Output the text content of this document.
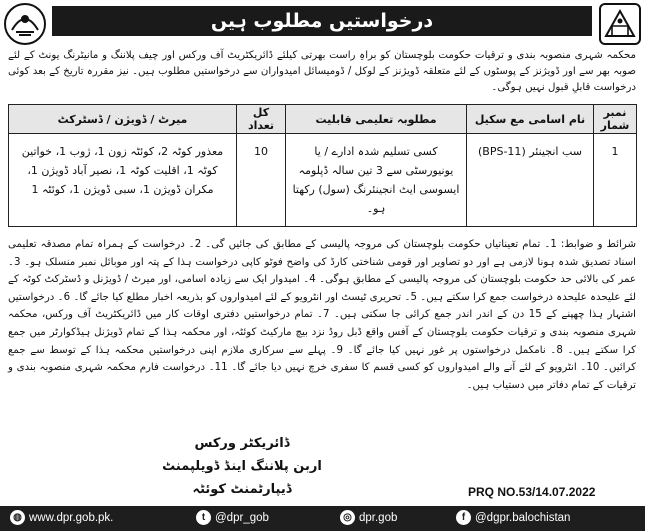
درخواستیں مطلوب ہیں
محکمہ شہری منصوبہ بندی و ترقیات حکومت بلوچستان کو براہِ راست بھرتی کیلئے ڈائریکٹریٹ آف ورکس اور چیف پلاننگ و مانیٹرنگ یونٹ کے لئے صوبہ بھر سے اور ڈویژنز کے پوسٹوں کے لئے متعلقہ ڈویژنز کے لوکل / ڈومیسائل امیدواران سے درخواستیں مطلوب ہیں۔ نیز مقررہ تاریخ کے بعد کوئی درخواست قابلِ قبول نہیں ہوگی۔
نمبر شمار	نام اسامی مع سکیل	مطلوبہ تعلیمی قابلیت	کل تعداد	میرٹ / ڈویژن / ڈسٹرکٹ
1	سب انجینئر (BPS-11)	کسی تسلیم شدہ ادارے / یا یونیورسٹی سے 3 تین سالہ ڈپلومہ ایسوسی ایٹ انجینئرنگ (سول) رکھتا ہو۔	10	معذور کوٹہ 2، کوئٹہ زون 1، ژوب 1، خواتین کوٹہ 1، اقلیت کوٹہ 1، نصیر آباد ڈویژن 1، مکران ڈویژن 1، سبی ڈویژن 1، کوئٹہ 1
شرائط و ضوابط: 1۔ تمام تعیناتیاں حکومت بلوچستان کی مروجہ پالیسی کے مطابق کی جائیں گی۔ 2۔ درخواست کے ہمراہ تمام مصدقہ تعلیمی اسناد تصدیق شدہ ہونا لازمی ہے اور دو تصاویر اور قومی شناختی کارڈ کی واضح فوٹو کاپی درخواست ہذا کے پتہ اور موبائل نمبر منسلک ہو۔ 3۔ عمر کی بالائی حد حکومت بلوچستان کی مروجہ پالیسی کے مطابق ہوگی۔ 4۔ امیدوار ایک سے زیادہ اسامی، اور میرٹ / ڈویژنل و ڈسٹرکٹ کوٹہ کے لئے علیحدہ علیحدہ درخواست جمع کرا سکتے ہیں۔ 5۔ تحریری ٹیسٹ اور انٹرویو کے لئے امیدواروں کو بذریعہ اخبار مطلع کیا جائے گا۔ 6۔ درخواستیں اشتہار ہذا چھپنے کے 15 دن کے اندر اندر جمع کرائی جا سکتی ہیں۔ 7۔ تمام درخواستیں دفتری اوقات کار میں ڈائریکٹریٹ آف ورکس، محکمہ شہری منصوبہ بندی و ترقیات حکومت بلوچستان کے آفس واقع ڈبل روڈ نزد بیچ مارکیٹ کوئٹہ، اور محکمہ ہذا کے تمام ڈویژنل ہیڈکوارٹر میں جمع کرا سکتے ہیں۔ 8۔ نامکمل درخواستوں پر غور نہیں کیا جائے گا۔ 9۔ پہلے سے سرکاری ملازم اپنی درخواستیں محکمہ ہذا کے توسط سے جمع کرائیں۔ 10۔ انٹرویو کے لئے آنے والے امیدواروں کو کسی قسم کا سفری خرچ نہیں دیا جائے گا۔ 11۔ درخواست فارم محکمہ شہری منصوبہ بندی و ترقیات کے تمام دفاتر میں دستیاب ہیں۔
ڈائریکٹر ورکس
اربن پلاننگ اینڈ ڈویلپمنٹ ڈیپارٹمنٹ کوئٹہ	PRQ NO.53/14.07.2022
◍ www.dpr.gob.pk.	t @dpr_gob	◎ dpr.gob	f @dgpr.balochistan
